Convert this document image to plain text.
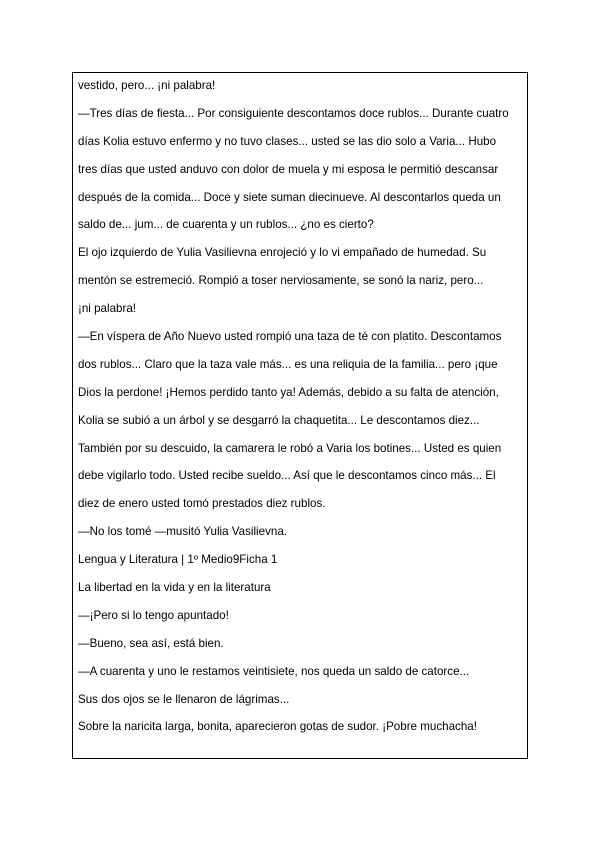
vestido, pero... ¡ni palabra!
—Tres días de fiesta... Por consiguiente descontamos doce rublos... Durante cuatro
días Kolia estuvo enfermo y no tuvo clases... usted se las dio solo a Varia... Hubo
tres días que usted anduvo con dolor de muela y mi esposa le permitió descansar
después de la comida... Doce y siete suman diecinueve. Al descontarlos queda un
saldo de... jum... de cuarenta y un rublos... ¿no es cierto?
El ojo izquierdo de Yulia Vasilievna enrojeció y lo vi empañado de humedad. Su
mentón se estremeció. Rompió a toser nerviosamente, se sonó la nariz, pero...
¡ni palabra!
—En víspera de Año Nuevo usted rompió una taza de té con platito. Descontamos
dos rublos... Claro que la taza vale más... es una reliquia de la familia... pero ¡que
Dios la perdone! ¡Hemos perdido tanto ya! Además, debido a su falta de atención,
Kolia se subió a un árbol y se desgarró la chaquetita... Le descontamos diez...
También por su descuido, la camarera le robó a Varia los botines... Usted es quien
debe vigilarlo todo. Usted recibe sueldo... Así que le descontamos cinco más... El
diez de enero usted tomó prestados diez rublos.
—No los tomé —musitó Yulia Vasilievna.
Lengua y Literatura | 1º Medio9Ficha 1
La libertad en la vida y en la literatura
—¡Pero si lo tengo apuntado!
—Bueno, sea así, está bien.
—A cuarenta y uno le restamos veintisiete, nos queda un saldo de catorce...
Sus dos ojos se le llenaron de lágrimas...
Sobre la naricita larga, bonita, aparecieron gotas de sudor. ¡Pobre muchacha!
